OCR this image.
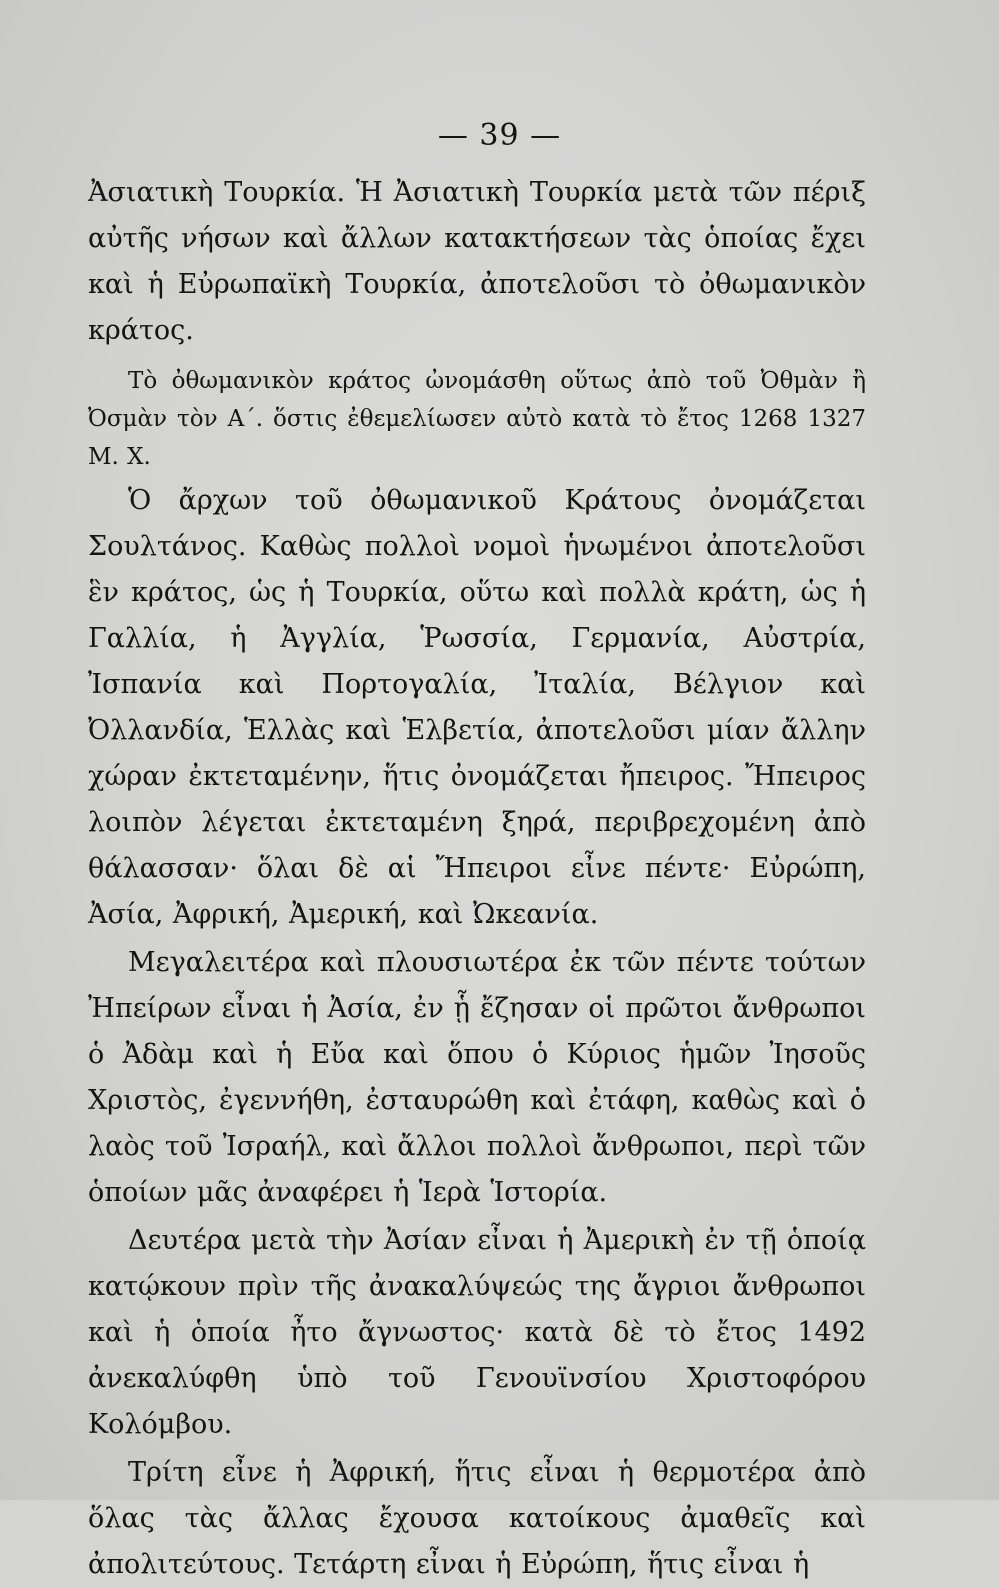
— 39 —

Ἀσιατικὴ Τουρκία. Ἡ Ἀσιατικὴ Τουρκία μετὰ τῶν πέριξ αὐτῆς νήσων καὶ ἄλλων κατακτήσεων τὰς ὁποίας ἔχει καὶ ἡ Εὐρωπαϊκὴ Τουρκία, ἀποτελοῦσι τὸ ὀθωμανικὸν κράτος.

Τὸ ὀθωμανικὸν κράτος ὠνομάσθη οὕτως ἀπὸ τοῦ Ὀθμὰν ἢ Ὀσμὰν τὸν Α΄. ὅστις ἐθεμελίωσεν αὐτὸ κατὰ τὸ ἔτος 1268 1327 Μ. Χ.

Ὁ ἄρχων τοῦ ὀθωμανικοῦ Κράτους ὀνομάζεται Σουλτάνος. Καθὼς πολλοὶ νομοὶ ἡνωμένοι ἀποτελοῦσι ἓν κράτος, ὡς ἡ Τουρκία, οὕτω καὶ πολλὰ κράτη, ὡς ἡ Γαλλία, ἡ Ἀγγλία, Ῥωσσία, Γερμανία, Αὐστρία, Ἰσπανία καὶ Πορτογαλία, Ἰταλία, Βέλγιον καὶ Ὀλλανδία, Ἑλλὰς καὶ Ἑλβετία, ἀποτελοῦσι μίαν ἄλλην χώραν ἐκτεταμένην, ἥτις ὀνομάζεται ἤπειρος. Ἤπειρος λοιπὸν λέγεται ἐκτεταμένη ξηρά, περιβρεχομένη ἀπὸ θάλασσαν· ὅλαι δὲ αἱ Ἤπειροι εἶνε πέντε· Εὐρώπη, Ἀσία, Ἀφρική, Ἀμερική, καὶ Ὠκεανία.

Μεγαλειτέρα καὶ πλουσιωτέρα ἐκ τῶν πέντε τούτων Ἠπείρων εἶναι ἡ Ἀσία, ἐν ᾗ ἔζησαν οἱ πρῶτοι ἄνθρωποι ὁ Ἀδὰμ καὶ ἡ Εὔα καὶ ὅπου ὁ Κύριος ἡμῶν Ἰησοῦς Χριστὸς, ἐγεννήθη, ἐσταυρώθη καὶ ἐτάφη, καθὼς καὶ ὁ λαὸς τοῦ Ἰσραήλ, καὶ ἄλλοι πολλοὶ ἄνθρωποι, περὶ τῶν ὁποίων μᾶς ἀναφέρει ἡ Ἱερὰ Ἱστορία.

Δευτέρα μετὰ τὴν Ἀσίαν εἶναι ἡ Ἀμερικὴ ἐν τῇ ὁποίᾳ κατῴκουν πρὶν τῆς ἀνακαλύψεώς της ἄγριοι ἄνθρωποι καὶ ἡ ὁποία ἦτο ἄγνωστος· κατὰ δὲ τὸ ἔτος 1492 ἀνεκαλύφθη ὑπὸ τοῦ Γενουϊνσίου Χριστοφόρου Κολόμβου.

Τρίτη εἶνε ἡ Ἀφρική, ἥτις εἶναι ἡ θερμοτέρα ἀπὸ ὅλας τὰς ἄλλας ἔχουσα κατοίκους ἀμαθεῖς καὶ ἀπολιτεύτους. Τετάρτη εἶναι ἡ Εὐρώπη, ἥτις εἶναι ἡ
